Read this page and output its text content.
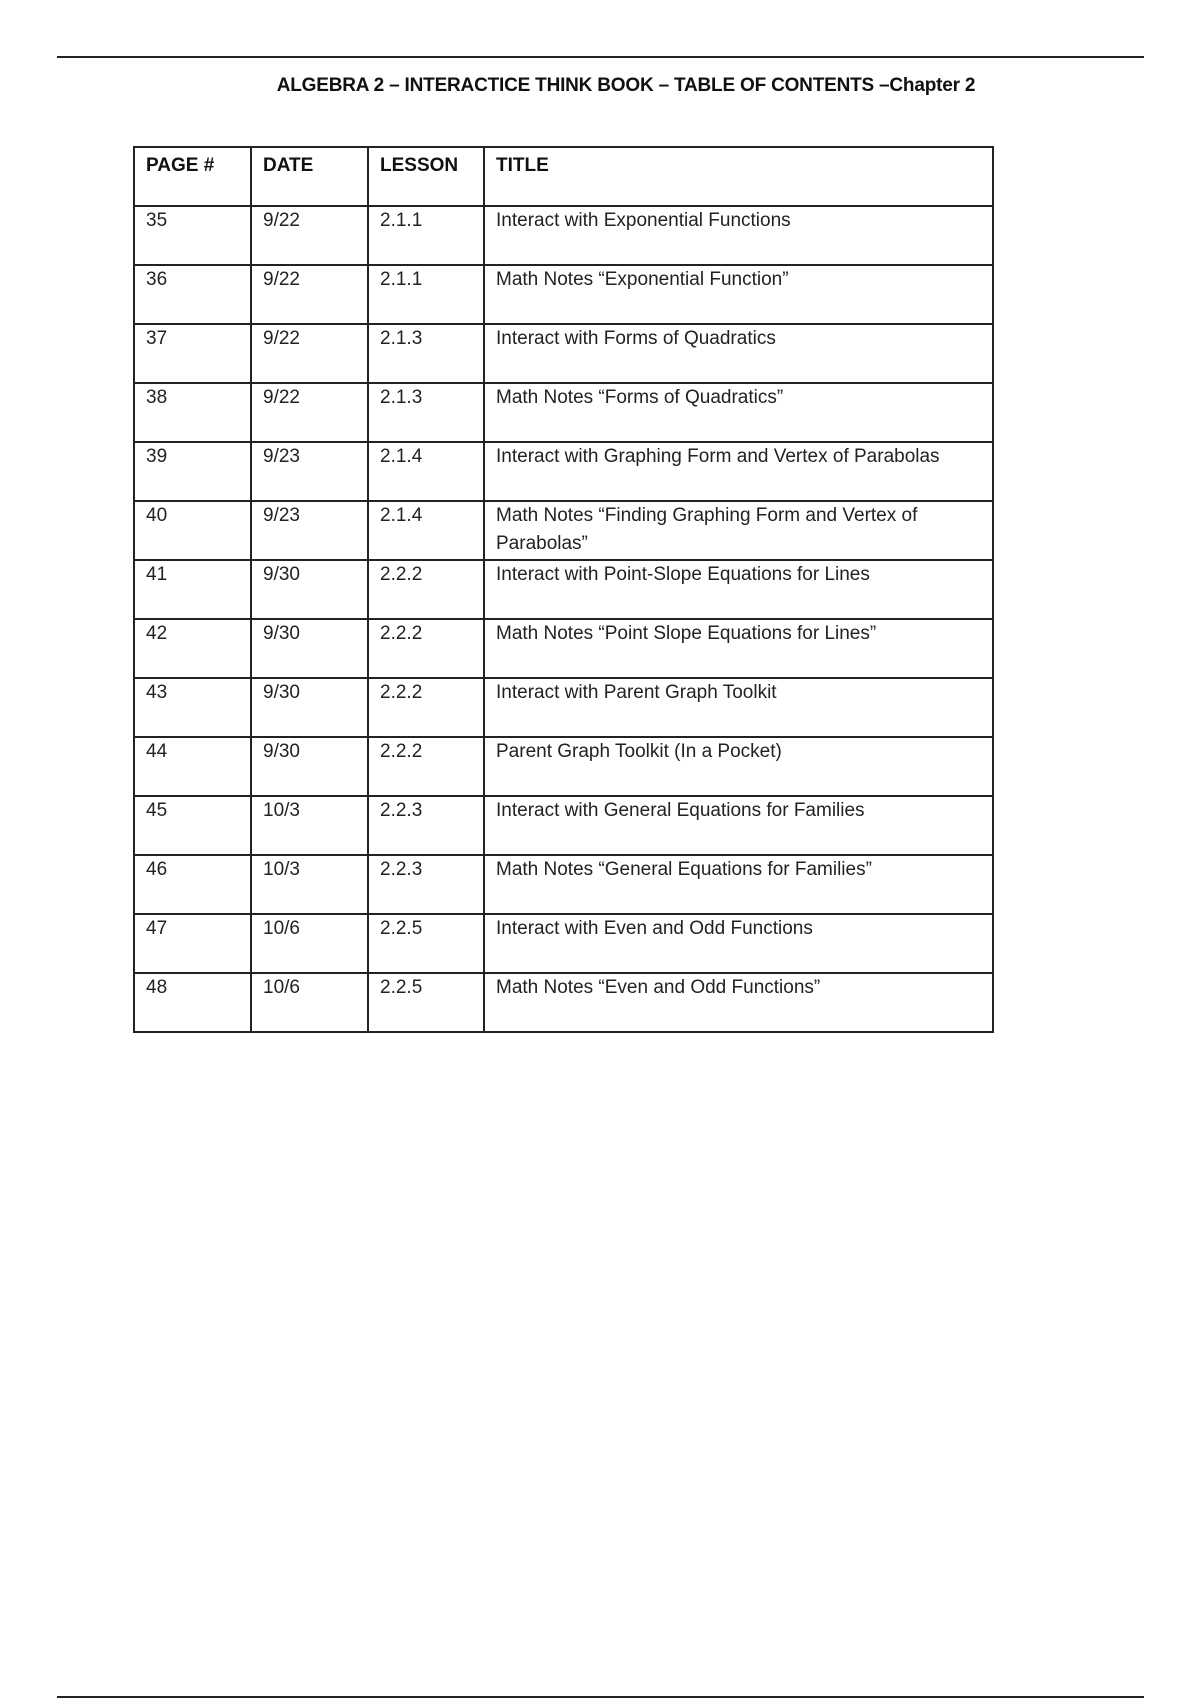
ALGEBRA 2 – INTERACTICE THINK BOOK – TABLE OF CONTENTS –Chapter 2
PAGE #	DATE	LESSON	TITLE
35	9/22	2.1.1	Interact with Exponential Functions
36	9/22	2.1.1	Math Notes “Exponential Function”
37	9/22	2.1.3	Interact with Forms of Quadratics
38	9/22	2.1.3	Math Notes “Forms of Quadratics”
39	9/23	2.1.4	Interact with Graphing Form and Vertex of Parabolas
40	9/23	2.1.4	Math Notes “Finding Graphing Form and Vertex of Parabolas”
41	9/30	2.2.2	Interact with Point-Slope Equations for Lines
42	9/30	2.2.2	Math Notes “Point Slope Equations for Lines”
43	9/30	2.2.2	Interact with Parent Graph Toolkit
44	9/30	2.2.2	Parent Graph Toolkit (In a Pocket)
45	10/3	2.2.3	Interact with General Equations for Families
46	10/3	2.2.3	Math Notes “General Equations for Families”
47	10/6	2.2.5	Interact with Even and Odd Functions
48	10/6	2.2.5	Math Notes “Even and Odd Functions”
